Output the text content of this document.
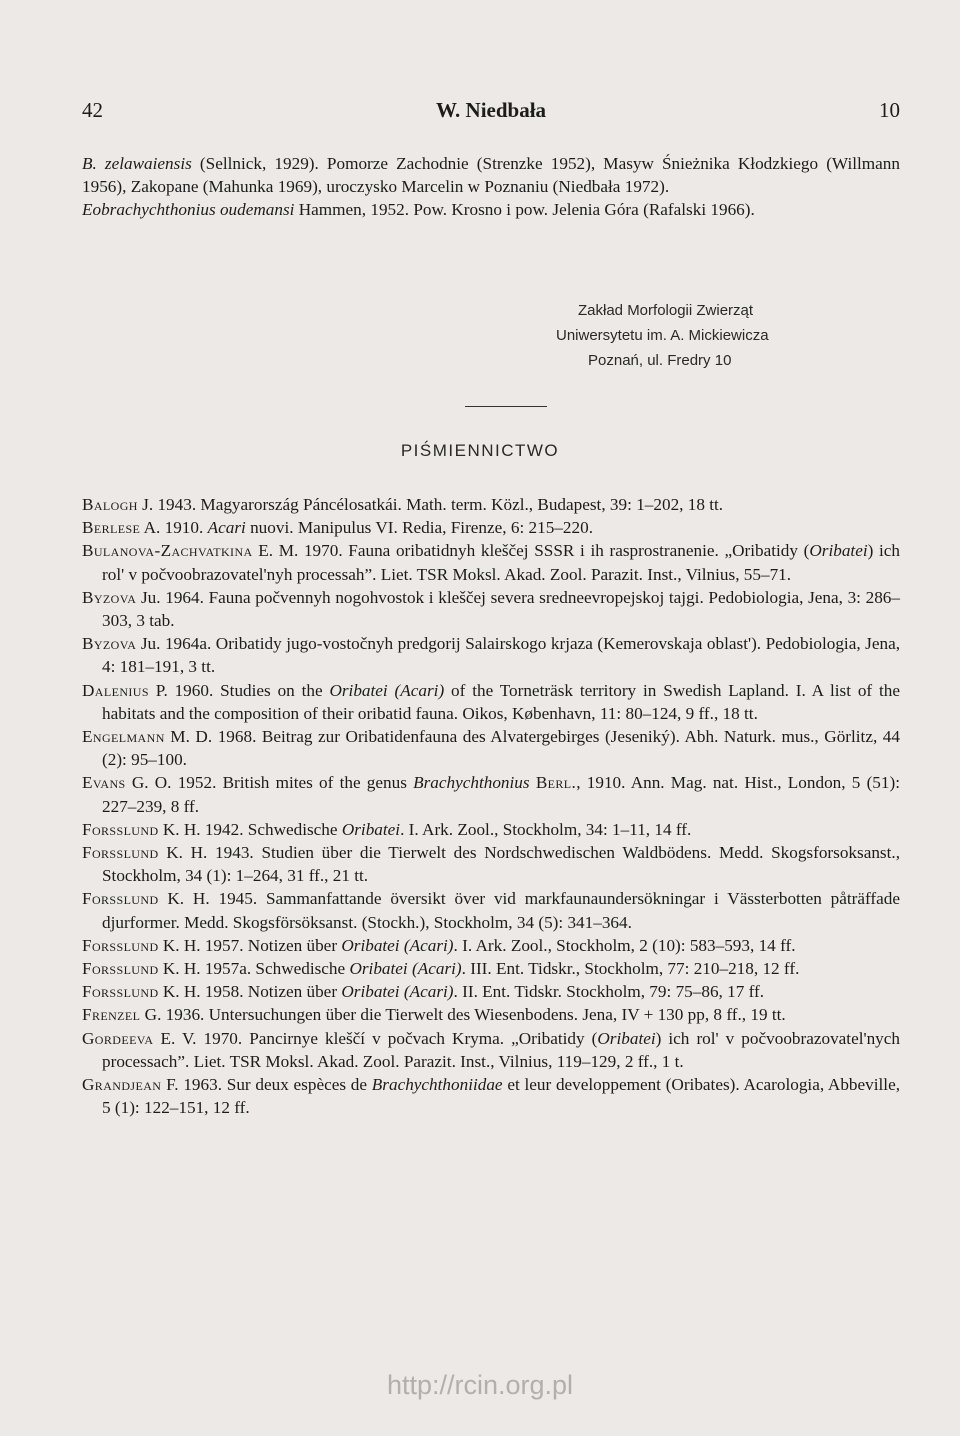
42	W. Niedbała	10

B. zelawaiensis (Sellnick, 1929). Pomorze Zachodnie (Strenzke 1952), Masyw Śnieżnika Kłodzkiego (Willmann 1956), Zakopane (Mahunka 1969), uroczysko Marcelin w Poznaniu (Niedbała 1972).

Eobrachychthonius oudemansi Hammen, 1952. Pow. Krosno i pow. Jelenia Góra (Rafalski 1966).

Zakład Morfologii Zwierząt
Uniwersytetu im. A. Mickiewicza
Poznań, ul. Fredry 10
PIŚMIENNICTWO

Balogh J. 1943. Magyarország Páncélosatkái. Math. term. Közl., Budapest, 39: 1–202, 18 tt.

Berlese A. 1910. Acari nuovi. Manipulus VI. Redia, Firenze, 6: 215–220.

Bulanova-Zachvatkina E. M. 1970. Fauna oribatidnyh kleščej SSSR i ih rasprostranenie. „Oribatidy (Oribatei) ich rol' v počvoobrazovatel'nyh processah”. Liet. TSR Moksl. Akad. Zool. Parazit. Inst., Vilnius, 55–71.

Byzova Ju. 1964. Fauna počvennyh nogohvostok i kleščej severa sredneevropejskoj tajgi. Pedobiologia, Jena, 3: 286–303, 3 tab.

Byzova Ju. 1964a. Oribatidy jugo-vostočnyh predgorij Salairskogo krjaza (Kemerovskaja oblast'). Pedobiologia, Jena, 4: 181–191, 3 tt.

Dalenius P. 1960. Studies on the Oribatei (Acari) of the Torneträsk territory in Swedish Lapland. I. A list of the habitats and the composition of their oribatid fauna. Oikos, København, 11: 80–124, 9 ff., 18 tt.

Engelmann M. D. 1968. Beitrag zur Oribatidenfauna des Alvatergebirges (Jeseniký). Abh. Naturk. mus., Görlitz, 44 (2): 95–100.

Evans G. O. 1952. British mites of the genus Brachychthonius Berl., 1910. Ann. Mag. nat. Hist., London, 5 (51): 227–239, 8 ff.

Forsslund K. H. 1942. Schwedische Oribatei. I. Ark. Zool., Stockholm, 34: 1–11, 14 ff.

Forsslund K. H. 1943. Studien über die Tierwelt des Nordschwedischen Waldbödens. Medd. Skogsforsoksanst., Stockholm, 34 (1): 1–264, 31 ff., 21 tt.

Forsslund K. H. 1945. Sammanfattande översikt över vid markfaunaundersökningar i Vässterbotten påträffade djurformer. Medd. Skogsförsöksanst. (Stockh.), Stockholm, 34 (5): 341–364.

Forsslund K. H. 1957. Notizen über Oribatei (Acari). I. Ark. Zool., Stockholm, 2 (10): 583–593, 14 ff.

Forsslund K. H. 1957a. Schwedische Oribatei (Acari). III. Ent. Tidskr., Stockholm, 77: 210–218, 12 ff.

Forsslund K. H. 1958. Notizen über Oribatei (Acari). II. Ent. Tidskr. Stockholm, 79: 75–86, 17 ff.

Frenzel G. 1936. Untersuchungen über die Tierwelt des Wiesenbodens. Jena, IV + 130 pp, 8 ff., 19 tt.

Gordeeva E. V. 1970. Pancirnye kleščí v počvach Kryma. „Oribatidy (Oribatei) ich rol' v počvoobrazovatel'nych processach”. Liet. TSR Moksl. Akad. Zool. Parazit. Inst., Vilnius, 119–129, 2 ff., 1 t.

Grandjean F. 1963. Sur deux espèces de Brachychthoniidae et leur developpement (Oribates). Acarologia, Abbeville, 5 (1): 122–151, 12 ff.

http://rcin.org.pl
